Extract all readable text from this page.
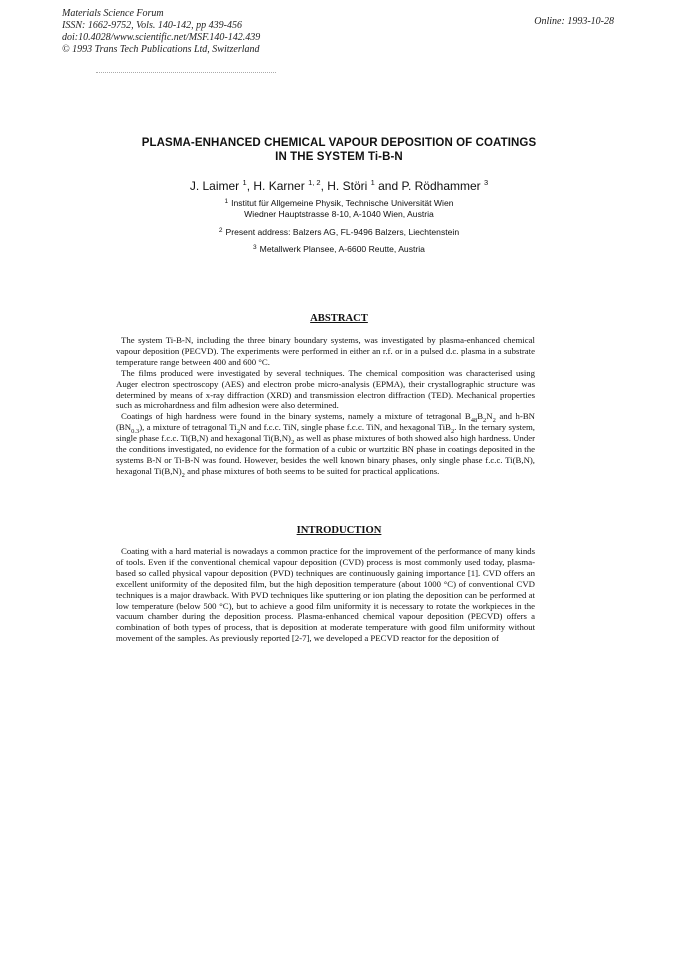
Materials Science Forum
ISSN: 1662-9752, Vols. 140-142, pp 439-456
doi:10.4028/www.scientific.net/MSF.140-142.439
© 1993 Trans Tech Publications Ltd, Switzerland
Online: 1993-10-28
PLASMA-ENHANCED CHEMICAL VAPOUR DEPOSITION OF COATINGS
IN THE SYSTEM Ti-B-N
J. Laimer $^1$, H. Karner $^{1, 2}$, H. Störi $^1$ and P. Rödhammer $^3$
$^1$ Institut für Allgemeine Physik, Technische Universität Wien
Wiedner Hauptstrasse 8-10, A-1040 Wien, Austria
$^2$ Present address: Balzers AG, FL-9496 Balzers, Liechtenstein
$^3$ Metallwerk Plansee, A-6600 Reutte, Austria
ABSTRACT

The system Ti-B-N, including the three binary boundary systems, was investigated by plasma-enhanced chemical vapour deposition (PECVD). The experiments were performed in either an r.f. or in a pulsed d.c. plasma in a substrate temperature range between 400 and 600 °C.

The films produced were investigated by several techniques. The chemical composition was characterised using Auger electron spectroscopy (AES) and electron probe micro-analysis (EPMA), their crystallographic structure was determined by means of x-ray diffraction (XRD) and transmission electron diffraction (TED). Mechanical properties such as microhardness and film adhesion were also determined.

Coatings of high hardness were found in the binary systems, namely a mixture of tetragonal $B_{48}B_2N_2$ and h-BN $(BN_{0.3})$, a mixture of tetragonal $Ti_2N$ and f.c.c. TiN, single phase f.c.c. TiN, and hexagonal TiB$_2$. In the ternary system, single phase f.c.c. Ti(B,N) and hexagonal $Ti(B,N)_2$ as well as phase mixtures of both showed also high hardness. Under the conditions investigated, no evidence for the formation of a cubic or wurtzitic BN phase in coatings deposited in the systems B-N or Ti-B-N was found. However, besides the well known binary phases, only single phase f.c.c. Ti(B,N), hexagonal $Ti(B,N)_2$ and phase mixtures of both seems to be suited for practical applications.

INTRODUCTION

Coating with a hard material is nowadays a common practice for the improvement of the performance of many kinds of tools. Even if the conventional chemical vapour deposition (CVD) process is most commonly used today, plasma-based so called physical vapour deposition (PVD) techniques are continuously gaining importance [1]. CVD offers an excellent uniformity of the deposited film, but the high deposition temperature (about 1000 °C) of conventional CVD techniques is a major drawback. With PVD techniques like sputtering or ion plating the deposition can be performed at low temperature (below 500 °C), but to achieve a good film uniformity it is necessary to rotate the workpieces in the vacuum chamber during the deposition process. Plasma-enhanced chemical vapour deposition (PECVD) offers a combination of both types of process, that is deposition at moderate temperature with good film uniformity without movement of the samples. As previously reported [2-7], we developed a PECVD reactor for the deposition of
